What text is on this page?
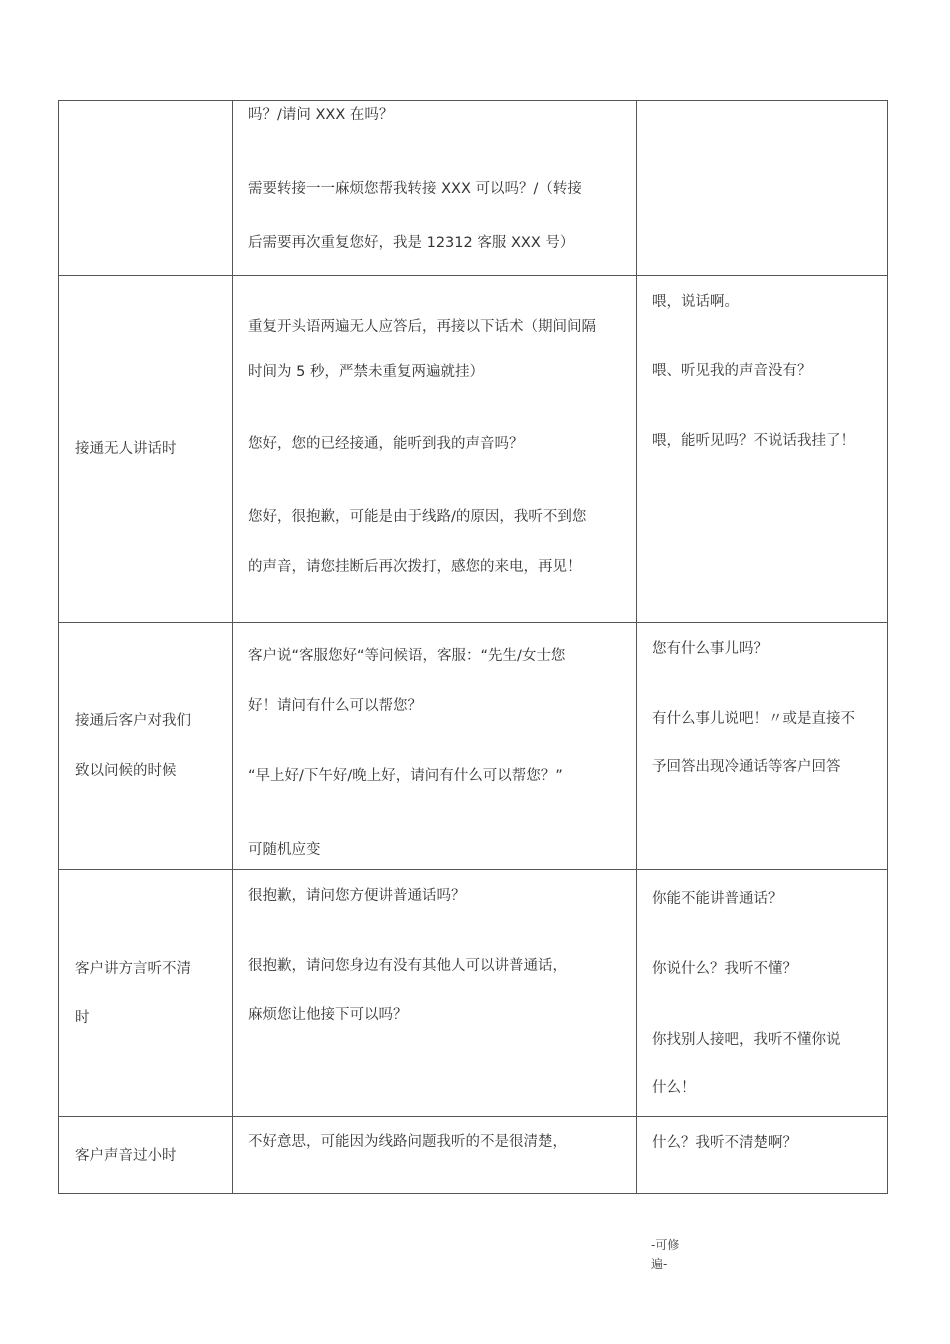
	吗？/请问 XXX 在吗？
需要转接一一麻烦您帮我转接 XXX 可以吗？/（转接
后需要再次重复您好，我是 12312 客服 XXX 号）	

接通无人讲话时	重复开头语两遍无人应答后，再接以下话术（期间间隔
时间为 5 秒，严禁未重复两遍就挂）
您好，您的已经接通，能听到我的声音吗？
您好，很抱歉，可能是由于线路/的原因，我听不到您
的声音，请您挂断后再次拨打，感您的来电，再见！	喂，说话啊。
喂、听见我的声音没有？
喂，能听见吗？不说话我挂了！

接通后客户对我们
致以问候的时候	客户说“客服您好“等问候语，客服：“先生/女士您
好！请问有什么可以帮您？
“早上好/下午好/晚上好，请问有什么可以帮您？”
可随机应变	您有什么事儿吗？
有什么事儿说吧！〃或是直接不
予回答出现冷通话等客户回答

客户讲方言听不清
时	很抱歉，请问您方便讲普通话吗？
很抱歉，请问您身边有没有其他人可以讲普通话，
麻烦您让他接下可以吗？	你能不能讲普通话？
你说什么？我听不懂？
你找别人接吧，我听不懂你说
什么！

客户声音过小时	不好意思，可能因为线路问题我听的不是很清楚，	什么？我听不清楚啊？
-可修
遍-
